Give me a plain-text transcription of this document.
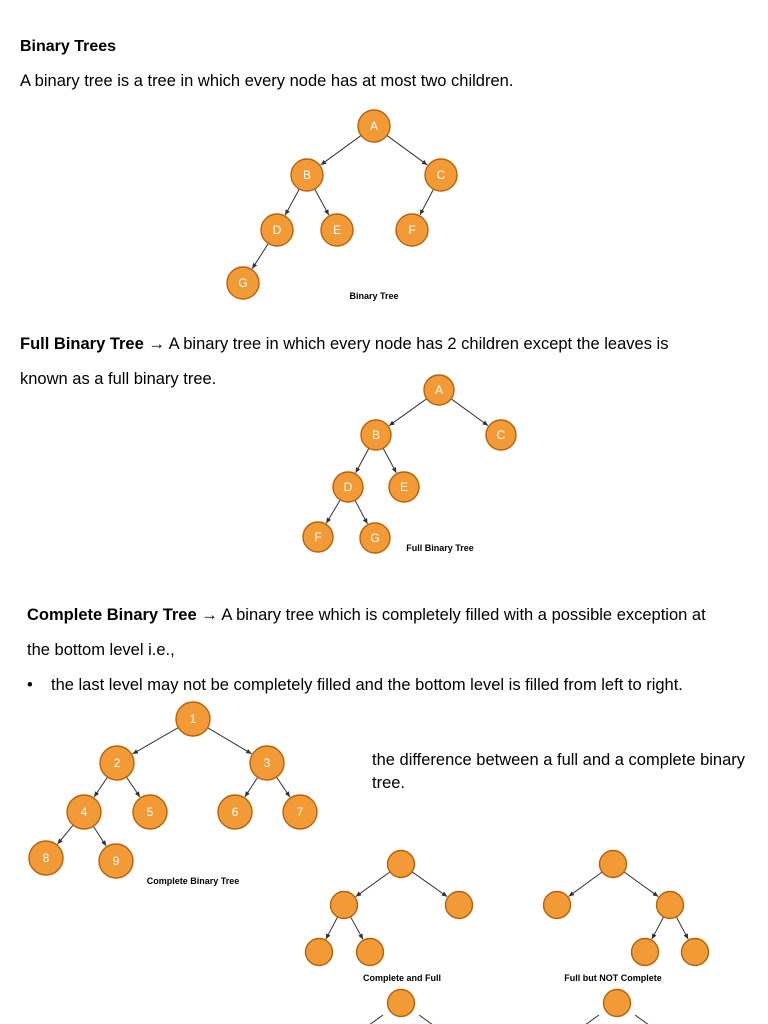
Binary Trees
A binary tree is a tree in which every node has at most two children.
A
B	C
D	E	F
G
A
B	C
D	E
F	G
1
2	3
4	5	6	7
8	9
Binary Tree
Full Binary Tree
Complete Binary Tree
Complete and Full	Full but NOT Complete
Full Binary Tree → A binary tree in which every node has 2 children except the leaves is
known as a full binary tree.
Complete Binary Tree → A binary tree which is completely filled with a possible exception at
the bottom level i.e.,
• the last level may not be completely filled and the bottom level is filled from left to right.
the difference between a full and a complete binary tree.
